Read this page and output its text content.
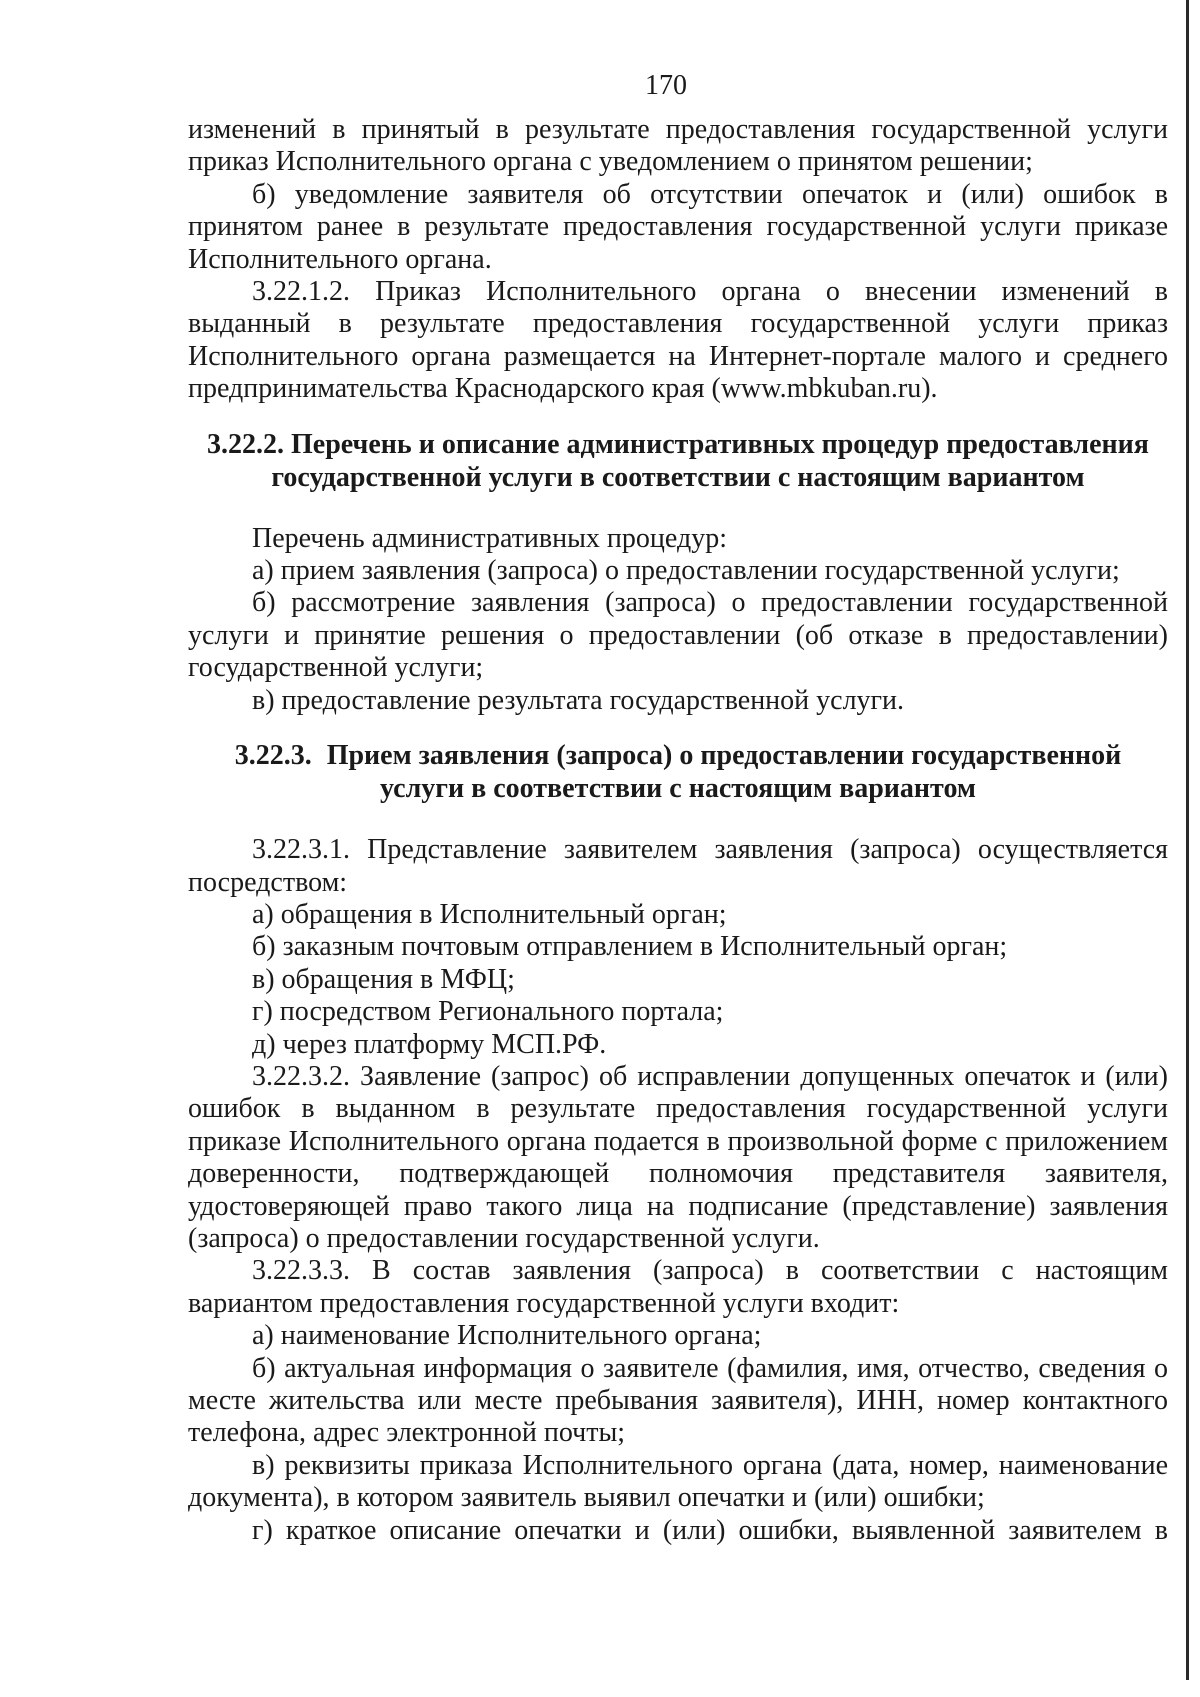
170

изменений в принятый в результате предоставления государственной услуги приказ Исполнительного органа с уведомлением о принятом решении;

б) уведомление заявителя об отсутствии опечаток и (или) ошибок в принятом ранее в результате предоставления государственной услуги приказе Исполнительного органа.

3.22.1.2. Приказ Исполнительного органа о внесении изменений в выданный в результате предоставления государственной услуги приказ Исполнительного органа размещается на Интернет-портале малого и среднего предпринимательства Краснодарского края (www.mbkuban.ru).

3.22.2. Перечень и описание административных процедур предоставления

государственной услуги в соответствии с настоящим вариантом

Перечень административных процедур:

а) прием заявления (запроса) о предоставлении государственной услуги;

б) рассмотрение заявления (запроса) о предоставлении государственной услуги и принятие решения о предоставлении (об отказе в предоставлении) государственной услуги;

в) предоставление результата государственной услуги.

3.22.3. Прием заявления (запроса) о предоставлении государственной

услуги в соответствии с настоящим вариантом

3.22.3.1. Представление заявителем заявления (запроса) осуществляется посредством:

а) обращения в Исполнительный орган;

б) заказным почтовым отправлением в Исполнительный орган;

в) обращения в МФЦ;

г) посредством Регионального портала;

д) через платформу МСП.РФ.

3.22.3.2. Заявление (запрос) об исправлении допущенных опечаток и (или) ошибок в выданном в результате предоставления государственной услуги приказе Исполнительного органа подается в произвольной форме с приложением доверенности, подтверждающей полномочия представителя заявителя, удостоверяющей право такого лица на подписание (представление) заявления (запроса) о предоставлении государственной услуги.

3.22.3.3. В состав заявления (запроса) в соответствии с настоящим вариантом предоставления государственной услуги входит:

а) наименование Исполнительного органа;

б) актуальная информация о заявителе (фамилия, имя, отчество, сведения о месте жительства или месте пребывания заявителя), ИНН, номер контактного телефона, адрес электронной почты;

в) реквизиты приказа Исполнительного органа (дата, номер, наименование документа), в котором заявитель выявил опечатки и (или) ошибки;

г) краткое описание опечатки и (или) ошибки, выявленной заявителем в
